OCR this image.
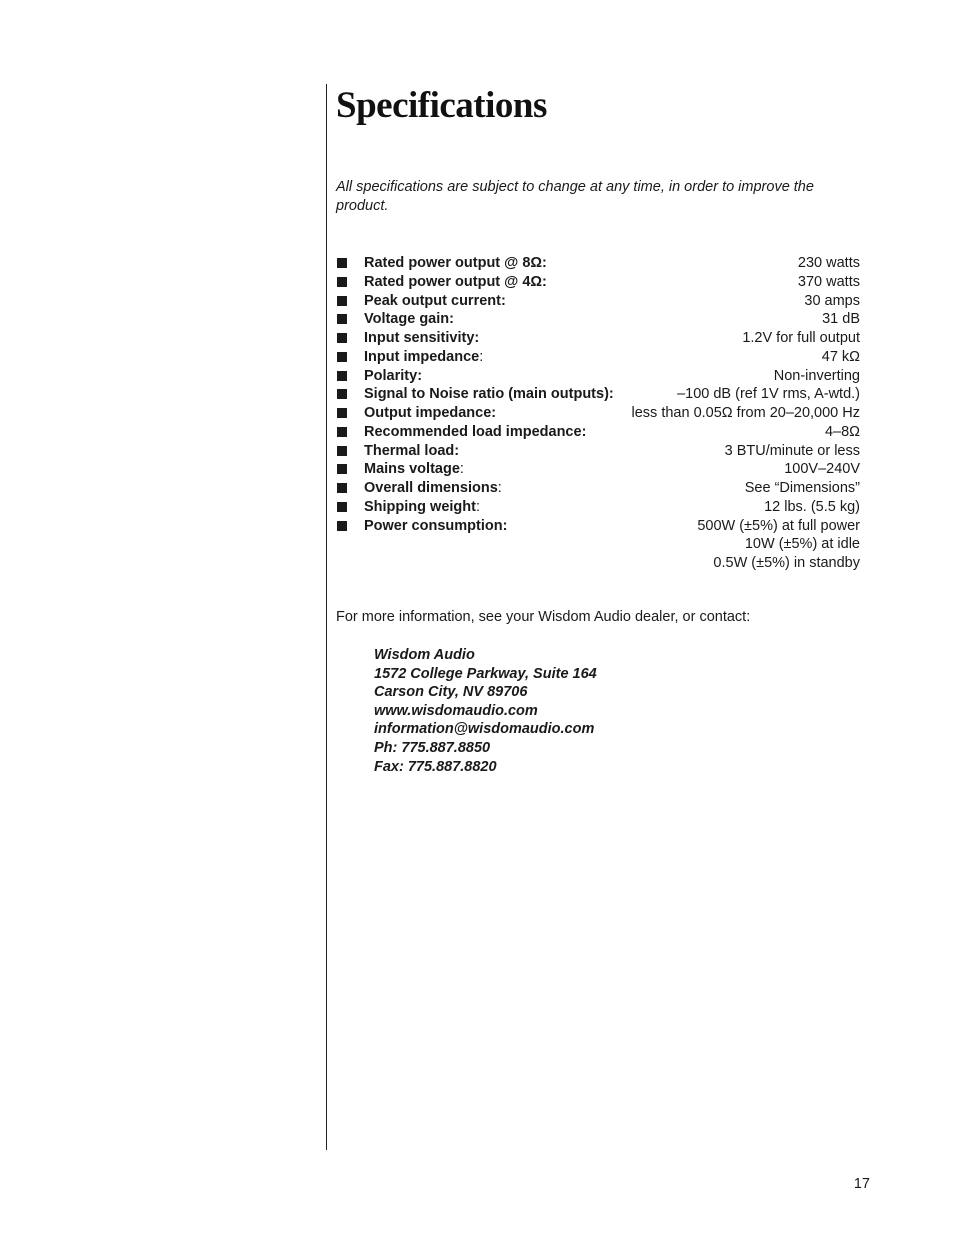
Specifications

All specifications are subject to change at any time, in order to improve the product.

Rated power output @ 8Ω:	230 watts
Rated power output @ 4Ω:	370 watts
Peak output current:	30 amps
Voltage gain:	31 dB
Input sensitivity:	1.2V for full output
Input impedance:	47 kΩ
Polarity:	Non-inverting
Signal to Noise ratio (main outputs):	–100 dB (ref 1V rms, A-wtd.)
Output impedance:	less than 0.05Ω from 20–20,000 Hz
Recommended load impedance:	4–8Ω
Thermal load:	3 BTU/minute or less
Mains voltage:	100V–240V
Overall dimensions:	See “Dimensions”
Shipping weight:	12 lbs. (5.5 kg)
Power consumption:	500W (±5%) at full power
10W (±5%) at idle
0.5W (±5%) in standby

For more information, see your Wisdom Audio dealer, or contact:

Wisdom Audio
1572 College Parkway, Suite 164
Carson City, NV 89706
www.wisdomaudio.com
information@wisdomaudio.com
Ph: 775.887.8850
Fax: 775.887.8820
17
